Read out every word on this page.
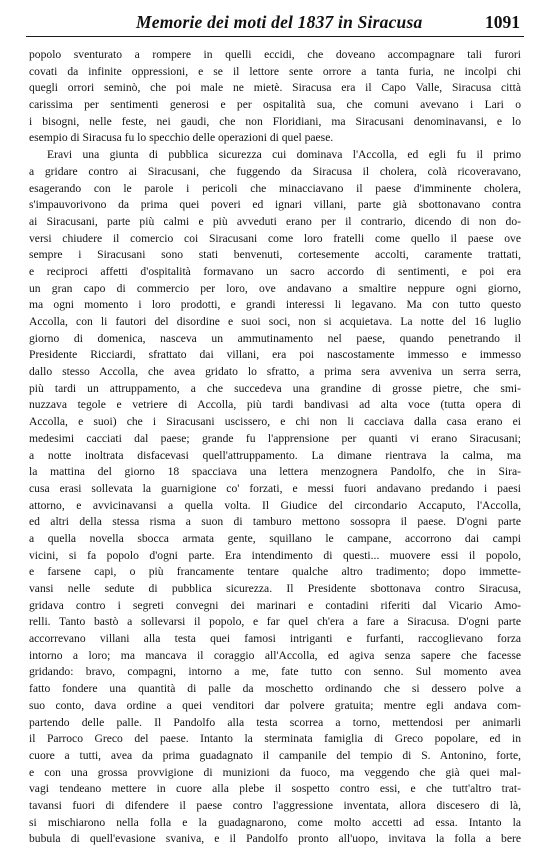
Memorie dei moti del 1837 in Siracusa	1091
popolo sventurato a rompere in quelli eccidi, che doveano accompagnare tali furori
covati da infinite oppressioni, e se il lettore sente orrore a tanta furia, ne incolpi chi
quegli orrori seminò, che poi male ne mietè. Siracusa era il Capo Valle, Siracusa città
carissima per sentimenti generosi e per ospitalità sua, che comuni avevano i Lari o
i bisogni, nelle feste, nei gaudi, che non Floridiani, ma Siracusani denominavansi, e lo
esempio di Siracusa fu lo specchio delle operazioni di quel paese.
Eravi una giunta di pubblica sicurezza cui dominava l'Accolla, ed egli fu il primo
a gridare contro ai Siracusani, che fuggendo da Siracusa il cholera, colà ricoveravano,
esagerando con le parole i pericoli che minacciavano il paese d'imminente cholera,
s'impauvorivono da prima quei poveri ed ignari villani, parte già sbottonavano contra
ai Siracusani, parte più calmi e più avveduti erano per il contrario, dicendo di non do-
versi chiudere il comercio coi Siracusani come loro fratelli come quello il paese ove
sempre i Siracusani sono stati benvenuti, cortesemente accolti, caramente trattati,
e reciproci affetti d'ospitalità formavano un sacro accordo di sentimenti, e poi era
un gran capo di commercio per loro, ove andavano a smaltire neppure ogni giorno,
ma ogni momento i loro prodotti, e grandi interessi li legavano. Ma con tutto questo
Accolla, con li fautori del disordine e suoi soci, non si acquietava. La notte del 16 luglio
giorno di domenica, nasceva un ammutinamento nel paese, quando penetrando il
Presidente Ricciardi, sfrattato dai villani, era poi nascostamente immesso e immesso
dallo stesso Accolla, che avea gridato lo sfratto, a prima sera avveniva un serra serra,
più tardi un attruppamento, a che succedeva una grandine di grosse pietre, che smi-
nuzzava tegole e vetriere di Accolla, più tardi bandivasi ad alta voce (tutta opera di
Accolla, e suoi) che i Siracusani uscissero, e chi non li cacciava dalla casa erano ei
medesimi cacciati dal paese; grande fu l'apprensione per quanti vi erano Siracusani;
a notte inoltrata disfacevasi quell'attruppamento. La dimane rientrava la calma, ma
la mattina del giorno 18 spacciava una lettera menzognera Pandolfo, che in Sira-
cusa erasi sollevata la guarnigione co' forzati, e messi fuori andavano predando i paesi
attorno, e avvicinavansi a quella volta. Il Giudice del circondario Accaputo, l'Accolla,
ed altri della stessa risma a suon di tamburo mettono sossopra il paese. D'ogni parte
a quella novella sbocca armata gente, squillano le campane, accorrono dai campi
vicini, si fa popolo d'ogni parte. Era intendimento di questi... muovere essi il popolo,
e farsene capi, o più francamente tentare qualche altro tradimento; dopo immette-
vansi nelle sedute di pubblica sicurezza. Il Presidente sbottonava contro Siracusa,
gridava contro i segreti convegni dei marinari e contadini riferiti dal Vicario Amo-
relli. Tanto bastò a sollevarsi il popolo, e far quel ch'era a fare a Siracusa. D'ogni parte
accorrevano villani alla testa quei famosi intriganti e furfanti, raccoglievano forza
intorno a loro; ma mancava il coraggio all'Accolla, ed agiva senza sapere che facesse
gridando: bravo, compagni, intorno a me, fate tutto con senno. Sul momento avea
fatto fondere una quantità di palle da moschetto ordinando che si dessero polve a
suo conto, dava ordine a quei venditori dar polvere gratuita; mentre egli andava com-
partendo delle palle. Il Pandolfo alla testa scorrea a torno, mettendosi per animarli
il Parroco Greco del paese. Intanto la sterminata famiglia di Greco popolare, ed in
cuore a tutti, avea da prima guadagnato il campanile del tempio di S. Antonino, forte,
e con una grossa provvigione di munizioni da fuoco, ma veggendo che già quei mal-
vagi tendeano mettere in cuore alla plebe il sospetto contro essi, e che tutt'altro trat-
tavansi fuori di difendere il paese contro l'aggressione inventata, allora discesero di là,
si mischiarono nella folla e la guadagnarono, come molto accetti ad essa. Intanto la
bubula di quell'evasione svaniva, e il Pandolfo pronto all'uopo, invitava la folla a bere
